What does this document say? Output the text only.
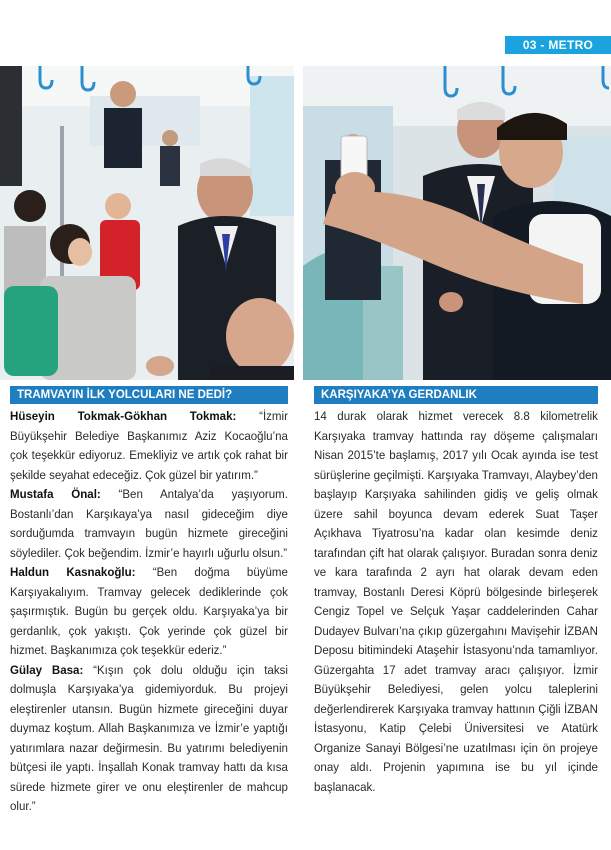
03 - METRO
TRAMVAYIN İLK YOLCULARI NE DEDİ?

Hüseyin Tokmak-Gökhan Tokmak: “İzmir Büyükşehir Belediye Başkanımız Aziz Kocaoğlu’na çok teşekkür ediyoruz. Emekliyiz ve artık çok rahat bir şekilde seyahat edeceğiz. Çok güzel bir yatırım.”

Mustafa Önal: “Ben Antalya’da yaşıyorum. Bostanlı’dan Karşıkaya’ya nasıl gideceğim diye sorduğumda tramvayın bugün hizmete gireceğini söylediler. Çok beğendim. İzmir’e hayırlı uğurlu olsun.”

Haldun Kasnakoğlu: “Ben doğma büyüme Karşıyakalıyım. Tramvay gelecek dediklerinde çok şaşırmıştık. Bugün bu gerçek oldu. Karşıyaka’ya bir gerdanlık, çok yakıştı. Çok yerinde çok güzel bir hizmet. Başkanımıza çok teşekkür ederiz.”

Gülay Basa: “Kışın çok dolu olduğu için taksi dolmuşla Karşıyaka’ya gidemiyorduk. Bu projeyi eleştirenler utansın. Bugün hizmete gireceğini duyar duymaz koştum. Allah Başkanımıza ve İzmir’e yaptığı yatırımlara nazar değirmesin. Bu yatırımı belediyenin bütçesi ile yaptı. İnşallah Konak tramvay hattı da kısa sürede hizmete girer ve onu eleştirenler de mahcup olur.”

KARŞIYAKA’YA GERDANLIK

14 durak olarak hizmet verecek 8.8 kilometrelik Karşıyaka tramvay hattında ray döşeme çalışmaları Nisan 2015’te başlamış, 2017 yılı Ocak ayında ise test sürüşlerine geçilmişti. Karşıyaka Tramvayı, Alaybey’den başlayıp Karşıyaka sahilinden gidiş ve geliş olmak üzere sahil boyunca devam ederek Suat Taşer Açıkhava Tiyatrosu’na kadar olan kesimde deniz tarafından çift hat olarak çalışıyor. Buradan sonra deniz ve kara tarafında 2 ayrı hat olarak devam eden tramvay, Bostanlı Deresi Köprü bölgesinde birleşerek Cengiz Topel ve Selçuk Yaşar caddelerinden Cahar Dudayev Bulvarı’na çıkıp güzergahını Mavişehir İZBAN Deposu bitimindeki Ataşehir İstasyonu’nda tamamlıyor. Güzergahta 17 adet tramvay aracı çalışıyor. İzmir Büyükşehir Belediyesi, gelen yolcu taleplerini değerlendirerek Karşıyaka tramvay hattının Çiğli İZBAN İstasyonu, Katip Çelebi Üniversitesi ve Atatürk Organize Sanayi Bölgesi’ne uzatılması için ön projeye onay aldı. Projenin yapımına ise bu yıl içinde başlanacak.
